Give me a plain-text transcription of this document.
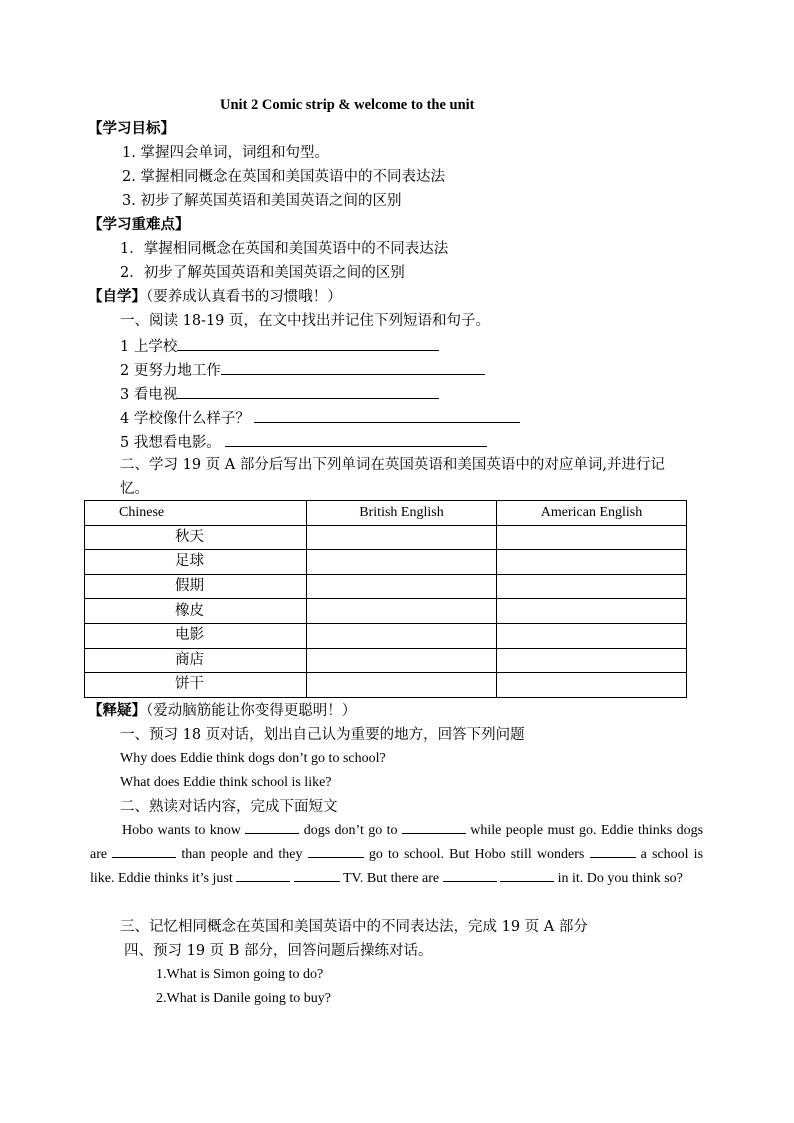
Unit 2 Comic strip & welcome to the unit
【学习目标】
1. 掌握四会单词，词组和句型。
2. 掌握相同概念在英国和美国英语中的不同表达法
3. 初步了解英国英语和美国英语之间的区别
【学习重难点】
1．掌握相同概念在英国和美国英语中的不同表达法
2．初步了解英国英语和美国英语之间的区别
【自学】（要养成认真看书的习惯哦！）
一、阅读 18-19 页，在文中找出并记住下列短语和句子。
1 上学校
2 更努力地工作
3 看电视
4 学校像什么样子？
5 我想看电影。
二、学习 19 页 A 部分后写出下列单词在英国英语和美国英语中的对应单词,并进行记
忆。
Chinese	British English	American English
秋天		
足球		
假期		
橡皮		
电影		
商店		
饼干		
【释疑】（爱动脑筋能让你变得更聪明！）
一、预习 18 页对话，划出自己认为重要的地方，回答下列问题
Why does Eddie think dogs don’t go to school?
What does Eddie think school is like?
二、熟读对话内容，完成下面短文
Hobo wants to know	dogs don’t go to	while people must go. Eddie thinks dogs are	than people and they	go to school. But Hobo still wonders	a school is like. Eddie thinks it’s just	TV. But there are	in it. Do you think so?
三、记忆相同概念在英国和美国英语中的不同表达法，完成 19 页 A 部分
四、预习 19 页 B 部分，回答问题后操练对话。
1.What is Simon going to do?
2.What is Danile going to buy?
